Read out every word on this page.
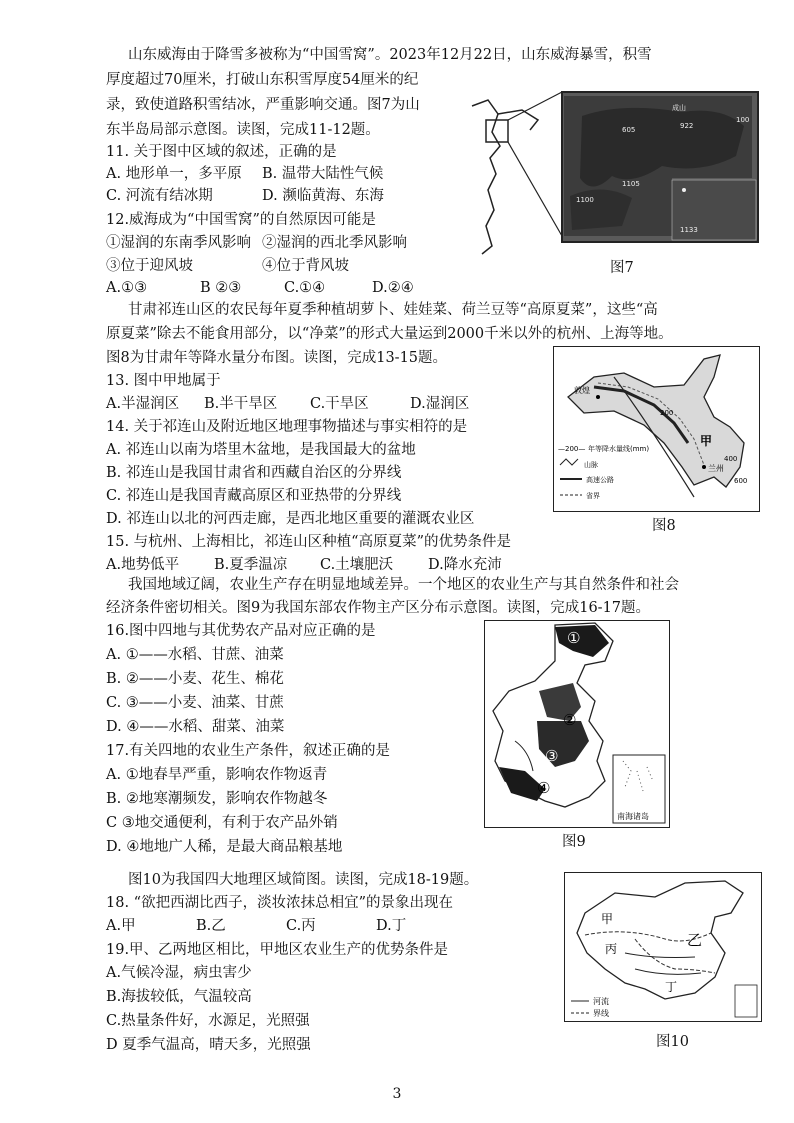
山东威海由于降雪多被称为“中国雪窝”。2023年12月22日，山东威海暴雪，积雪
厚度超过70厘米，打破山东积雪厚度54厘米的纪
录，致使道路积雪结冰，严重影响交通。图7为山
东半岛局部示意图。读图，完成11-12题。
11. 关于图中区域的叙述，正确的是
A. 地形单一，多平原 B. 温带大陆性气候
C. 河流有结冰期	D. 濒临黄海、东海
12.威海成为“中国雪窝”的自然原因可能是
①湿润的东南季风影响 ②湿润的西北季风影响
③位于迎风坡	④位于背风坡
A.①③	B ②③	C.①④	D.②④
成山
605	922
100
1100
1133
1105
图7
甘肃祁连山区的农民每年夏季种植胡萝卜、娃娃菜、荷兰豆等“高原夏菜”，这些“高
原夏菜”除去不能食用部分，以“净菜”的形式大量运到2000千米以外的杭州、上海等地。
图8为甘肃年等降水量分布图。读图，完成13-15题。
13. 图中甲地属于
A.半湿润区 B.半干旱区 C.干旱区	D.湿润区
14. 关于祁连山及附近地区地理事物描述与事实相符的是
A. 祁连山以南为塔里木盆地，是我国最大的盆地
B. 祁连山是我国甘肃省和西藏自治区的分界线
C. 祁连山是我国青藏高原区和亚热带的分界线
D. 祁连山以北的河西走廊，是西北地区重要的灌溉农业区
15. 与杭州、上海相比，祁连山区种植“高原夏菜”的优势条件是
A.地势低平 B.夏季温凉 C.土壤肥沃 D.降水充沛
敦煌
甲
兰州
200
400
600
—200— 年等降水量线(mm)
山脉
高速公路
省界
图8
我国地域辽阔，农业生产存在明显地域差异。一个地区的农业生产与其自然条件和社会
经济条件密切相关。图9为我国东部农作物主产区分布示意图。读图，完成16-17题。
16.图中四地与其优势农产品对应正确的是
A. ①——水稻、甘蔗、油菜
B. ②——小麦、花生、棉花
C. ③——小麦、油菜、甘蔗
D. ④——水稻、甜菜、油菜
17.有关四地的农业生产条件，叙述正确的是
A. ①地春旱严重，影响农作物返青
B. ②地寒潮频发，影响农作物越冬
C ③地交通便利，有利于农产品外销
D. ④地地广人稀，是最大商品粮基地
①
②
③
④
南海诸岛
图9
图10为我国四大地理区域简图。读图，完成18-19题。
18. “欲把西湖比西子，淡妆浓抹总相宜”的景象出现在
A.甲	B.乙	C.丙	D.丁
19.甲、乙两地区相比，甲地区农业生产的优势条件是
A.气候冷湿，病虫害少
B.海拔较低，气温较高
C.热量条件好，水源足，光照强
D 夏季气温高，晴天多，光照强
甲
乙
丙
丁
河流
界线
图10
3
